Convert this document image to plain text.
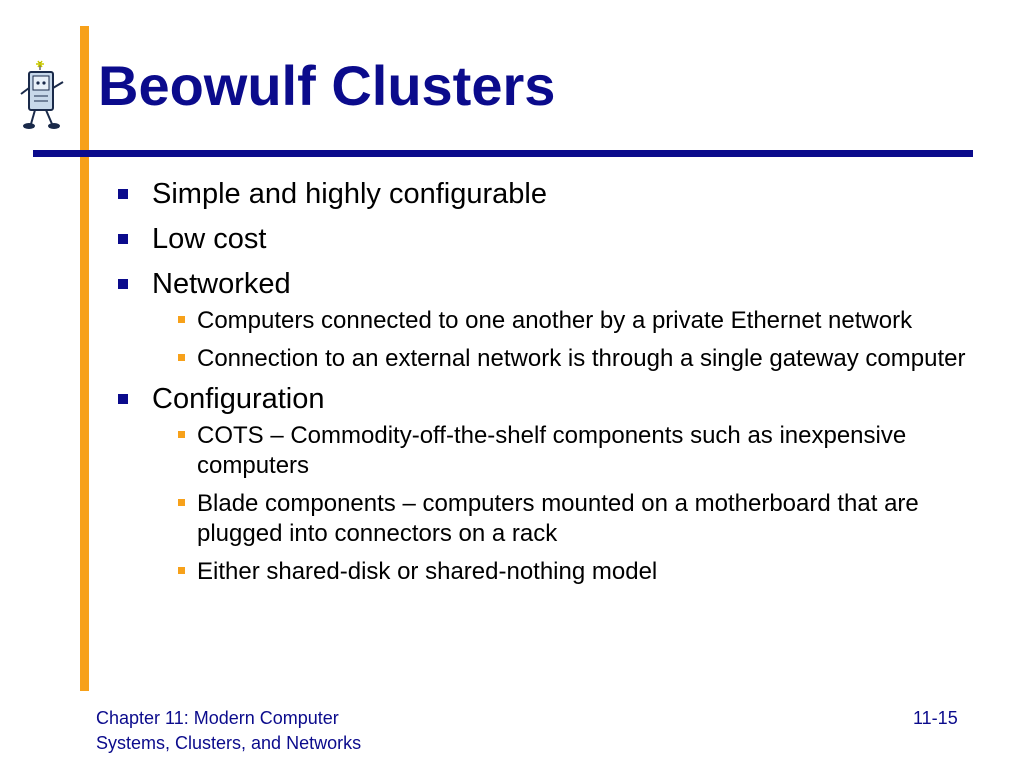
Beowulf Clusters
Simple and highly configurable
Low cost
Networked
Computers connected to one another by a private Ethernet network
Connection to an external network is through a single gateway computer
Configuration
COTS – Commodity-off-the-shelf components such as inexpensive computers
Blade components – computers mounted on a motherboard that are plugged into connectors on a rack
Either shared-disk or shared-nothing model
Chapter 11: Modern Computer
Systems, Clusters, and Networks
11-15
